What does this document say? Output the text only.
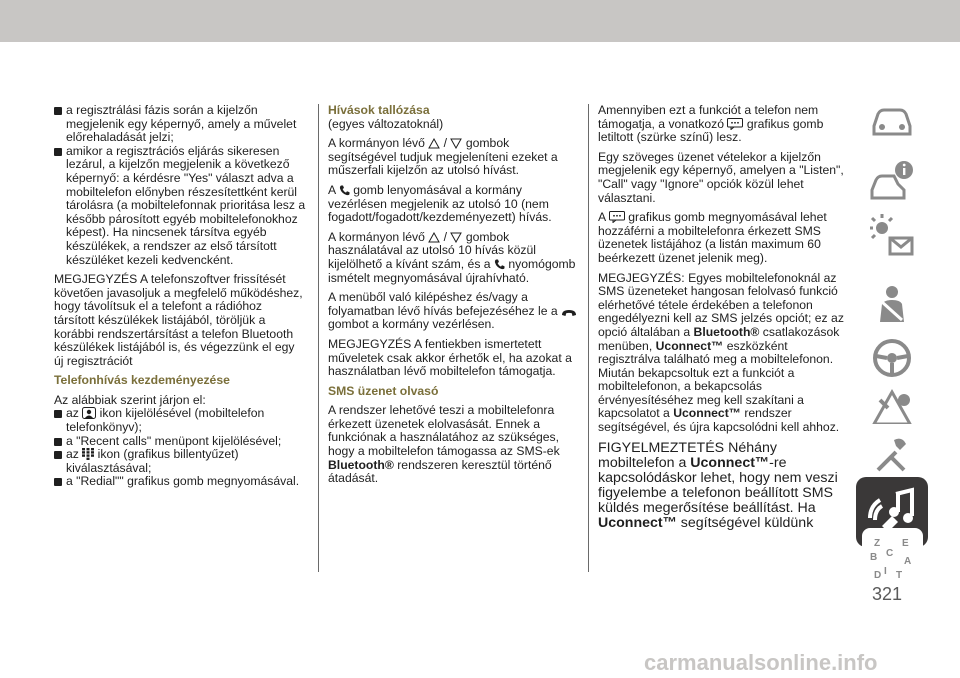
a regisztrálási fázis során a kijelzőn megjelenik egy képernyő, amely a művelet előrehaladását jelzi;
amikor a regisztrációs eljárás sikeresen lezárul, a kijelzőn megjelenik a következő képernyő: a kérdésre "Yes" választ adva a mobiltelefon előnyben részesítettként kerül tárolásra (a mobiltelefonnak prioritása lesz a később párosított egyéb mobiltelefonokhoz képest). Ha nincsenek társítva egyéb készülékek, a rendszer az első társított készüléket kezeli kedvencként.

MEGJEGYZÉS A telefonszoftver frissítését követően javasoljuk a megfelelő működéshez, hogy távolítsuk el a telefont a rádióhoz társított készülékek listájából, töröljük a korábbi rendszertársítást a telefon Bluetooth készülékek listájából is, és végezzünk el egy új regisztrációt

Telefonhívás kezdeményezése

Az alábbiak szerint járjon el:

az ikon kijelölésével (mobiltelefon telefonkönyv);
a "Recent calls" menüpont kijelölésével;
az ikon (grafikus billentyűzet) kiválasztásával;
a "Redial"" grafikus gomb megnyomásával.
Hívások tallózása

(egyes változatoknál)

A kormányon lévő / gombok segítségével tudjuk megjeleníteni ezeket a műszerfali kijelzőn az utolsó hívást.

A gomb lenyomásával a kormány vezérlésen megjelenik az utolsó 10 (nem fogadott/fogadott/kezdeményezett) hívás.

A kormányon lévő / gombok használatával az utolsó 10 hívás közül kijelölhető a kívánt szám, és a nyomógomb ismételt megnyomásával újrahívható.

A menüből való kilépéshez és/vagy a folyamatban lévő hívás befejezéséhez le a  gombot a kormány vezérlésen.

MEGJEGYZÉS A fentiekben ismertetett műveletek csak akkor érhetők el, ha azokat a használatban lévő mobiltelefon támogatja.

SMS üzenet olvasó

A rendszer lehetővé teszi a mobiltelefonra érkezett üzenetek elolvasását. Ennek a funkciónak a használatához az szükséges, hogy a mobiltelefon támogassa az SMS-ek Bluetooth® rendszeren keresztül történő átadását.

Amennyiben ezt a funkciót a telefon nem támogatja, a vonatkozó grafikus gomb letiltott (szürke színű) lesz.

Egy szöveges üzenet vételekor a kijelzőn megjelenik egy képernyő, amelyen a "Listen", "Call" vagy "Ignore" opciók közül lehet választani.

A grafikus gomb megnyomásával lehet hozzáférni a mobiltelefonra érkezett SMS üzenetek listájához (a listán maximum 60 beérkezett üzenet jelenik meg).

MEGJEGYZÉS: Egyes mobiltelefonoknál az SMS üzeneteket hangosan felolvasó funkció elérhetővé tétele érdekében a telefonon engedélyezni kell az SMS jelzés opciót; ez az opció általában a Bluetooth® csatlakozások menüben, Uconnect™ eszközként regisztrálva található meg a mobiltelefonon. Miután bekapcsoltuk ezt a funkciót a mobiltelefonon, a bekapcsolás érvényesítéséhez meg kell szakítani a kapcsolatot a Uconnect™ rendszer segítségével, és újra kapcsolódni kell ahhoz.

FIGYELMEZTETÉS Néhány mobiltelefon a Uconnect™-re kapcsolódáskor lehet, hogy nem veszi figyelembe a telefonon beállított SMS küldés megerősítése beállítást. Ha Uconnect™ segítségével küldünk

Z E
B C
A
I T
D
321
carmanualsonline.info
